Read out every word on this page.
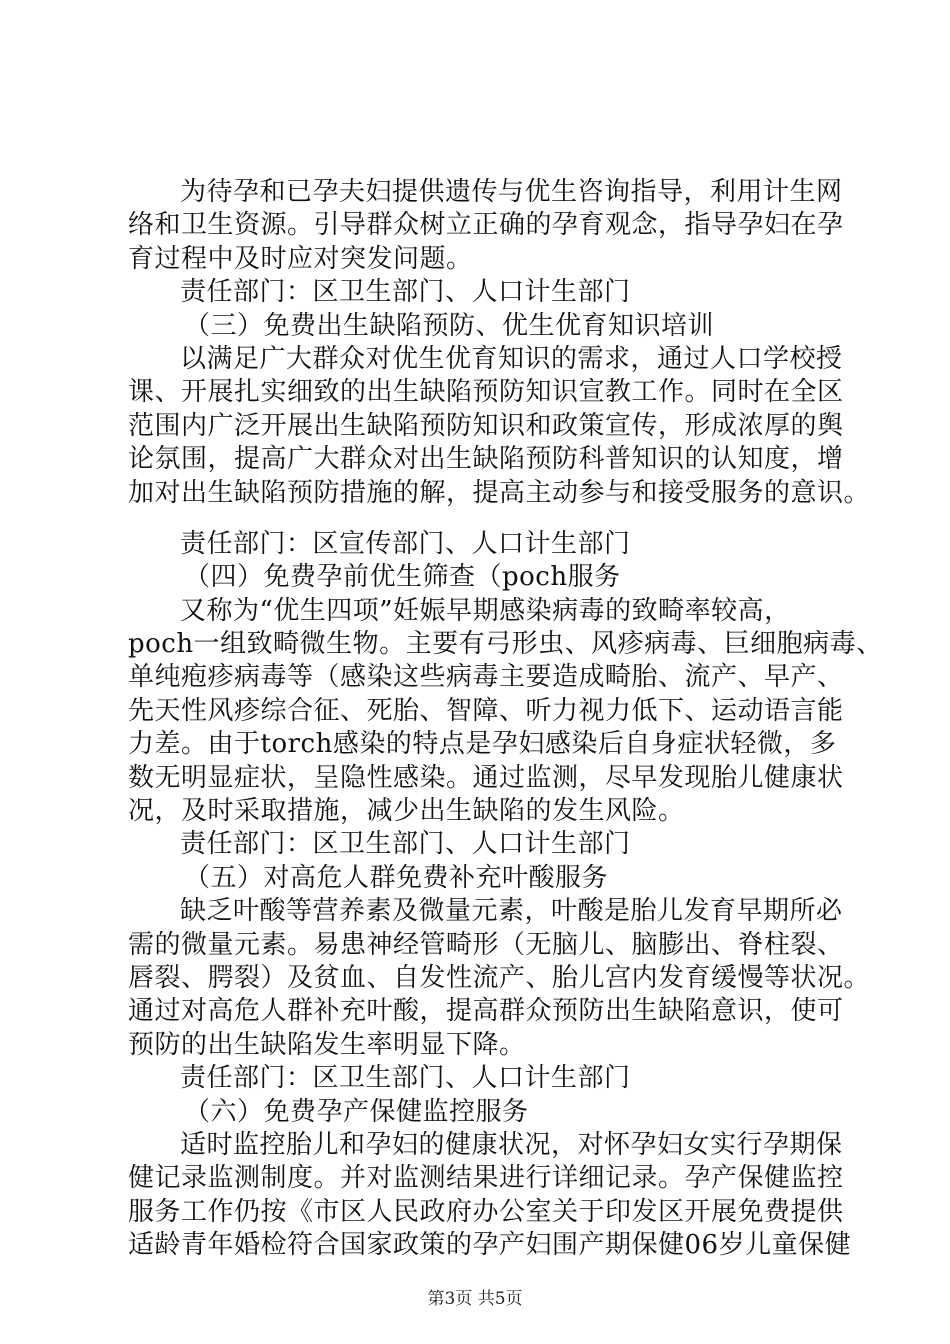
为待孕和已孕夫妇提供遗传与优生咨询指导，利用计生网
络和卫生资源。引导群众树立正确的孕育观念，指导孕妇在孕
育过程中及时应对突发问题。
责任部门：区卫生部门、人口计生部门
（三）免费出生缺陷预防、优生优育知识培训
以满足广大群众对优生优育知识的需求，通过人口学校授
课、开展扎实细致的出生缺陷预防知识宣教工作。同时在全区
范围内广泛开展出生缺陷预防知识和政策宣传，形成浓厚的舆
论氛围，提高广大群众对出生缺陷预防科普知识的认知度，增
加对出生缺陷预防措施的解，提高主动参与和接受服务的意识。
责任部门：区宣传部门、人口计生部门
（四）免费孕前优生筛查（poch服务
又称为“优生四项”妊娠早期感染病毒的致畸率较高，
poch一组致畸微生物。主要有弓形虫、风疹病毒、巨细胞病毒、
单纯疱疹病毒等（感染这些病毒主要造成畸胎、流产、早产、
先天性风疹综合征、死胎、智障、听力视力低下、运动语言能
力差。由于torch感染的特点是孕妇感染后自身症状轻微，多
数无明显症状，呈隐性感染。通过监测，尽早发现胎儿健康状
况，及时采取措施，减少出生缺陷的发生风险。
责任部门：区卫生部门、人口计生部门
（五）对高危人群免费补充叶酸服务
缺乏叶酸等营养素及微量元素，叶酸是胎儿发育早期所必
需的微量元素。易患神经管畸形（无脑儿、脑膨出、脊柱裂、
唇裂、腭裂）及贫血、自发性流产、胎儿宫内发育缓慢等状况。
通过对高危人群补充叶酸，提高群众预防出生缺陷意识，使可
预防的出生缺陷发生率明显下降。
责任部门：区卫生部门、人口计生部门
（六）免费孕产保健监控服务
适时监控胎儿和孕妇的健康状况，对怀孕妇女实行孕期保
健记录监测制度。并对监测结果进行详细记录。孕产保健监控
服务工作仍按《市区人民政府办公室关于印发区开展免费提供
适龄青年婚检符合国家政策的孕产妇围产期保健06岁儿童保健
第3页 共5页
